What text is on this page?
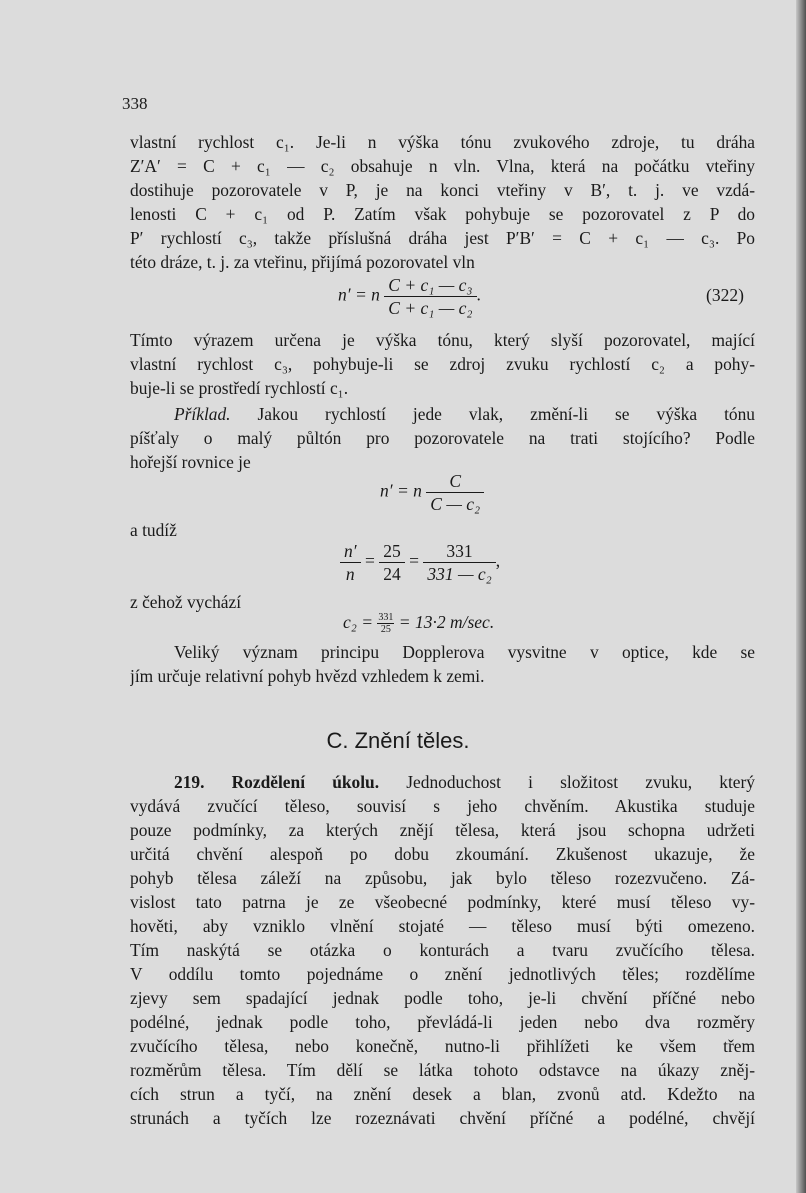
338
vlastní rychlost c₁. Je-li n výška tónu zvukového zdroje, tu dráha
Z′A′ = C + c₁ — c₂ obsahuje n vln. Vlna, která na počátku vteřiny
dostihuje pozorovatele v P, je na konci vteřiny v B′, t. j. ve vzdá-
lenosti C + c₁ od P. Zatím však pohybuje se pozorovatel z P do
P′ rychlostí c₃, takže příslušná dráha jest P′B′ = C + c₁ — c₃. Po
této dráze, t. j. za vteřinu, přijímá pozorovatel vln
n′ = n $\frac{\text{C + c₁ — c₃}}{\text{C + c₁ — c₂}}$ .	(322)
Tímto výrazem určena je výška tónu, který slyší pozorovatel, mající
vlastní rychlost c₃, pohybuje-li se zdroj zvuku rychlostí c₂ a pohy-
buje-li se prostředí rychlostí c₁.
Příklad. Jakou rychlostí jede vlak, změní-li se výška tónu
píšťaly o malý půltón pro pozorovatele na trati stojícího? Podle
hořejší rovnice je
n′ = n $\frac{C}{\text{C — c₂}}$
a tudíž
$\frac{n'}{n} = \frac{25}{24} = \frac{331}{\text{331 — c₂}}$ ,
z čehož vychází
$c_2 = \frac{331}{25} = 13\cdot 2$ m/sec.
Veliký význam principu Dopplerova vysvitne v optice, kde se
jím určuje relativní pohyb hvězd vzhledem k zemi.
C. Znění těles.
219. Rozdělení úkolu. Jednoduchost i složitost zvuku, který
vydává zvučící těleso, souvisí s jeho chvěním. Akustika studuje
pouze podmínky, za kterých znějí tělesa, která jsou schopna udržeti
určitá chvění alespoň po dobu zkoumání. Zkušenost ukazuje, že
pohyb tělesa záleží na způsobu, jak bylo těleso rozezvučeno. Zá-
vislost tato patrna je ze všeobecné podmínky, které musí těleso vy-
hověti, aby vzniklo vlnění stojaté — těleso musí býti omezeno.
Tím naskýtá se otázka o konturách a tvaru zvučícího tělesa.
V oddílu tomto pojednáme o znění jednotlivých těles; rozdělíme
zjevy sem spadající jednak podle toho, je-li chvění příčné nebo
podélné, jednak podle toho, převládá-li jeden nebo dva rozměry
zvučícího tělesa, nebo konečně, nutno-li přihlížeti ke všem třem
rozměrům tělesa. Tím dělí se látka tohoto odstavce na úkazy zněj-
cích strun a tyčí, na znění desek a blan, zvonů atd. Kdežto na
strunách a tyčích lze rozeznávati chvění příčné a podélné, chvějí
